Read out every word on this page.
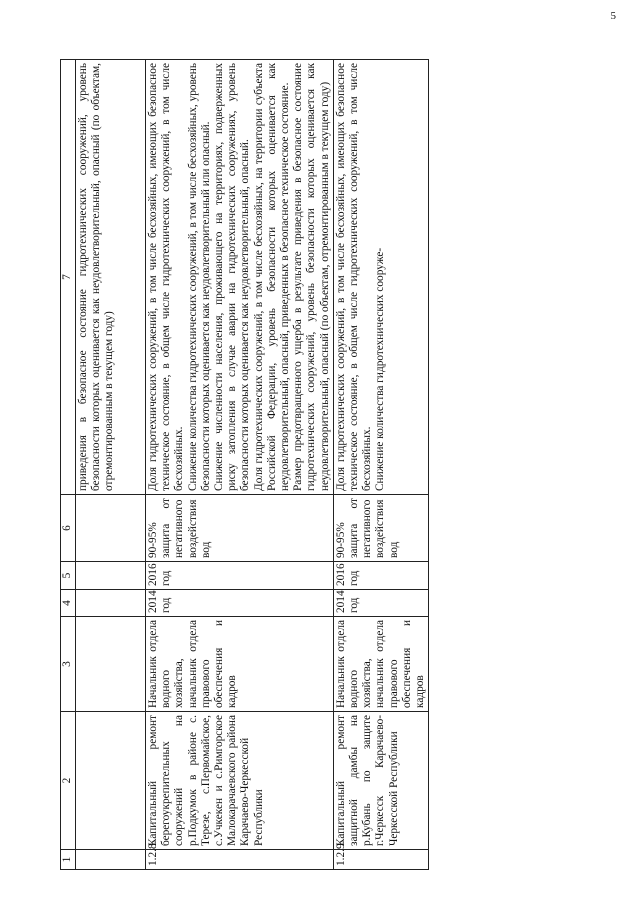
5
1	2	3	4	5	6	7
						приведения в безопасное состояние гидротехнических сооружений, уровень безопасности которых оценивается как неудовлетворительный, опасный (по объектам, отремонтированным в текущем году)
1.2.8.	Капитальный ремонт берегоукрепительных сооружений на р.Подкумок в районе с. Терезе, с.Первомайское, с.Учкекен и с.Римгорское Малокарачаевского района Карачаево-Черкесской Республики	Начальник отдела водного хозяйства, начальник отдела правового обеспечения и кадров	2014 год	2016 год	90-95% защита от негативного воздействия вод	Доля гидротехнических сооружений, в том числе бесхозяйных, имеющих безопасное техническое состояние, в общем числе гидротехнических сооружений, в том числе бесхозяйных. Снижение количества гидротехнических сооружений, в том числе бесхозяйных, уровень безопасности которых оценивается как неудовлетворительный или опасный. Снижение численности населения, проживающего на территориях, подверженных риску затопления в случае аварии на гидротехнических сооружениях, уровень безопасности которых оценивается как неудовлетворительный, опасный. Доля гидротехнических сооружений, в том числе бесхозяйных, на территории субъекта Российской Федерации, уровень безопасности которых оценивается как неудовлетворительный, опасный, приведенных в безопасное техническое состояние. Размер предотвращенного ущерба в результате приведения в безопасное состояние гидротехнических сооружений, уровень безопасности которых оценивается как неудовлетворительный, опасный (по объектам, отремонтированным в текущем году)

1.2.9.	Капитальный ремонт защитной дамбы на р.Кубань по защите г.Черкесск Карачаево-Черкесской Республики	Начальник отдела водного хозяйства, начальник отдела правового обеспечения и кадров	2014 год	2016 год	90-95% защита от негативного воздействия вод	Доля гидротехнических сооружений, в том числе бесхозяйных, имеющих безопасное техническое состояние, в общем числе гидротехнических сооружений, в том числе бесхозяйных. Снижение количества гидротехнических сооруже-
